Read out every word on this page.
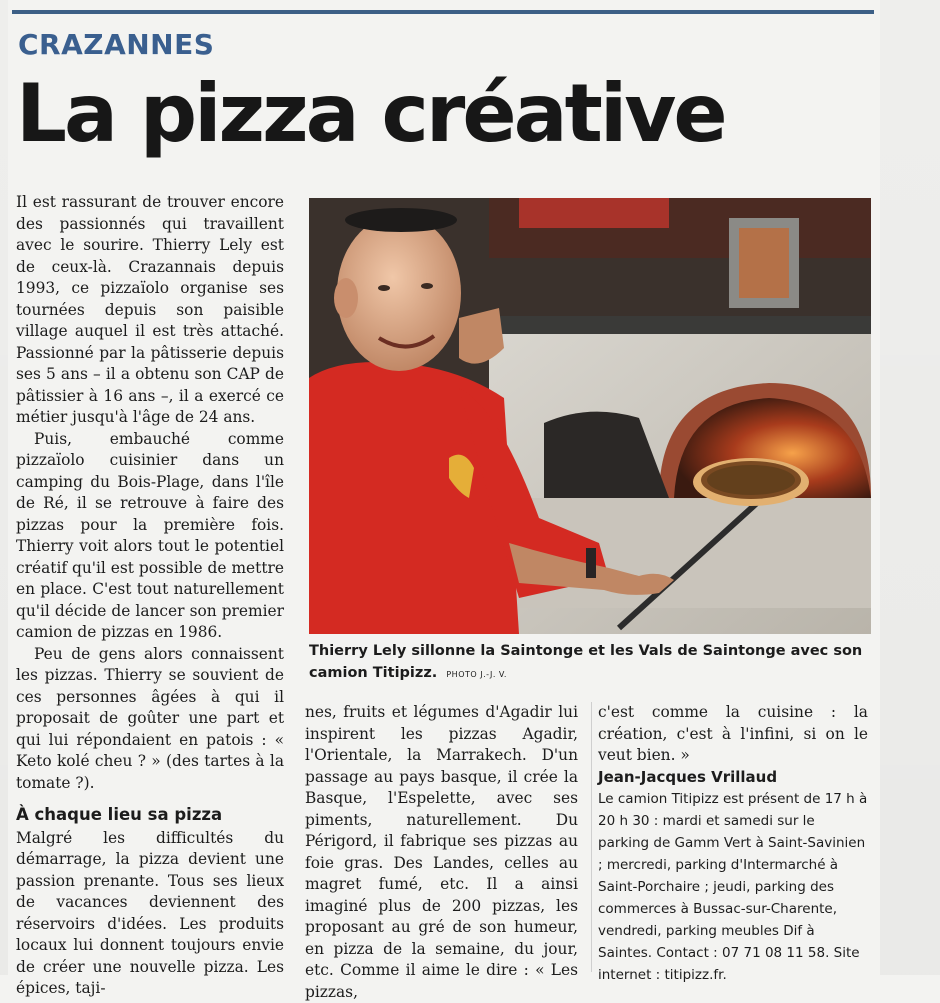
CRAZANNES
La pizza créative

Il est rassurant de trouver encore des passionnés qui travaillent avec le sourire. Thierry Lely est de ceux-là. Crazannais depuis 1993, ce pizzaïolo organise ses tournées depuis son paisible village auquel il est très attaché. Passionné par la pâtisserie depuis ses 5 ans – il a obtenu son CAP de pâtissier à 16 ans –, il a exercé ce métier jusqu'à l'âge de 24 ans.

Puis, embauché comme pizzaïolo cuisinier dans un camping du Bois-Plage, dans l'île de Ré, il se retrouve à faire des pizzas pour la première fois. Thierry voit alors tout le potentiel créatif qu'il est possible de mettre en place. C'est tout naturellement qu'il décide de lancer son premier camion de pizzas en 1986.

Peu de gens alors connaissent les pizzas. Thierry se souvient de ces personnes âgées à qui il proposait de goûter une part et qui lui répondaient en patois : « Keto kolé cheu ? » (des tartes à la tomate ?).

À chaque lieu sa pizza

Malgré les difficultés du démarrage, la pizza devient une passion prenante. Tous ses lieux de vacances deviennent des réservoirs d'idées. Les produits locaux lui donnent toujours envie de créer une nouvelle pizza. Les épices, taji-

Thierry Lely sillonne la Saintonge et les Vals de Saintonge avec son camion Titipizz. PHOTO J.-J. V.

nes, fruits et légumes d'Agadir lui inspirent les pizzas Agadir, l'Orientale, la Marrakech. D'un passage au pays basque, il crée la Basque, l'Espelette, avec ses piments, naturellement. Du Périgord, il fabrique ses pizzas au foie gras. Des Landes, celles au magret fumé, etc. Il a ainsi imaginé plus de 200 pizzas, les proposant au gré de son humeur, en pizza de la semaine, du jour, etc. Comme il aime le dire : « Les pizzas,

c'est comme la cuisine : la création, c'est à l'infini, si on le veut bien. »

Jean-Jacques Vrillaud

Le camion Titipizz est présent de 17 h à 20 h 30 : mardi et samedi sur le parking de Gamm Vert à Saint-Savinien ; mercredi, parking d'Intermarché à Saint-Porchaire ; jeudi, parking des commerces à Bussac-sur-Charente, vendredi, parking meubles Dif à Saintes. Contact : 07 71 08 11 58. Site internet : titipizz.fr.
